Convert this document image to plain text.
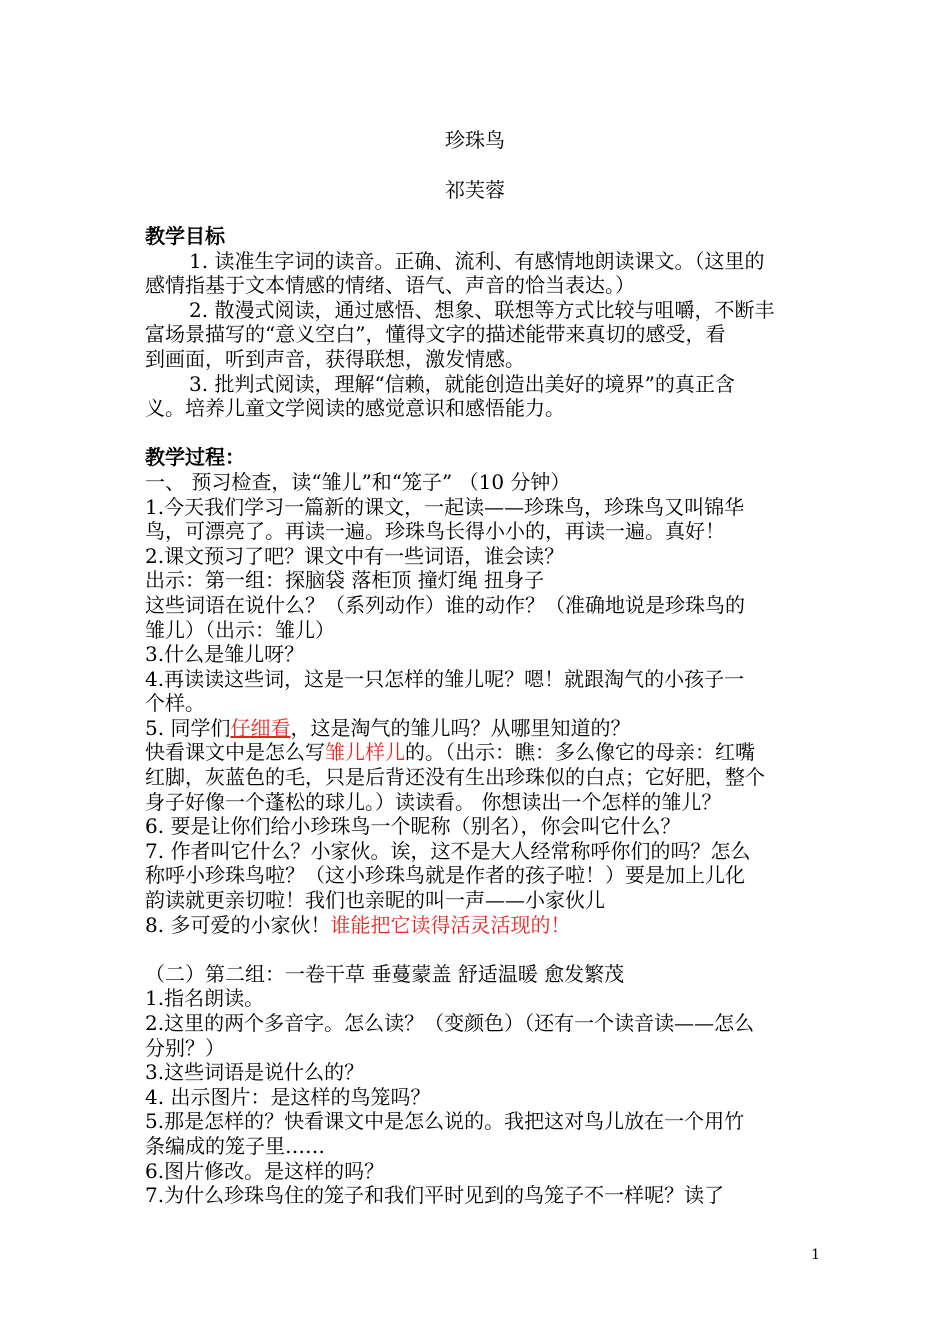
珍珠鸟
祁芙蓉
教学目标
1. 读准生字词的读音。正确、流利、有感情地朗读课文。（这里的
感情指基于文本情感的情绪、语气、声音的恰当表达。）
2. 散漫式阅读，通过感悟、想象、联想等方式比较与咀嚼，不断丰
富场景描写的“意义空白”，懂得文字的描述能带来真切的感受，看
到画面，听到声音，获得联想，激发情感。
3. 批判式阅读，理解“信赖，就能创造出美好的境界”的真正含
义。培养儿童文学阅读的感觉意识和感悟能力。
教学过程：
一、 预习检查，读“雏儿”和“笼子” （10 分钟）
1.今天我们学习一篇新的课文，一起读——珍珠鸟，珍珠鸟又叫锦华
鸟，可漂亮了。再读一遍。珍珠鸟长得小小的，再读一遍。真好！
2.课文预习了吧？课文中有一些词语，谁会读？
出示：第一组：探脑袋 落柜顶 撞灯绳 扭身子
这些词语在说什么？（系列动作）谁的动作？（准确地说是珍珠鸟的
雏儿）（出示：雏儿）
3.什么是雏儿呀？
4.再读读这些词，这是一只怎样的雏儿呢？嗯！就跟淘气的小孩子一
个样。
5. 同学们仔细看，这是淘气的雏儿吗？从哪里知道的？
快看课文中是怎么写雏儿样儿的。（出示：瞧：多么像它的母亲：红嘴
红脚，灰蓝色的毛，只是后背还没有生出珍珠似的白点；它好肥，整个
身子好像一个蓬松的球儿。）读读看。 你想读出一个怎样的雏儿？
6. 要是让你们给小珍珠鸟一个昵称（别名），你会叫它什么？
7. 作者叫它什么？小家伙。诶，这不是大人经常称呼你们的吗？怎么
称呼小珍珠鸟啦？（这小珍珠鸟就是作者的孩子啦！）要是加上儿化
韵读就更亲切啦！我们也亲昵的叫一声——小家伙儿
8. 多可爱的小家伙！谁能把它读得活灵活现的！
（二）第二组：一卷干草 垂蔓蒙盖 舒适温暖 愈发繁茂
1.指名朗读。
2.这里的两个多音字。怎么读？（变颜色）（还有一个读音读——怎么
分别？）
3.这些词语是说什么的？
4. 出示图片：是这样的鸟笼吗？
5.那是怎样的？快看课文中是怎么说的。我把这对鸟儿放在一个用竹
条编成的笼子里……
6.图片修改。是这样的吗？
7.为什么珍珠鸟住的笼子和我们平时见到的鸟笼子不一样呢？读了
1
